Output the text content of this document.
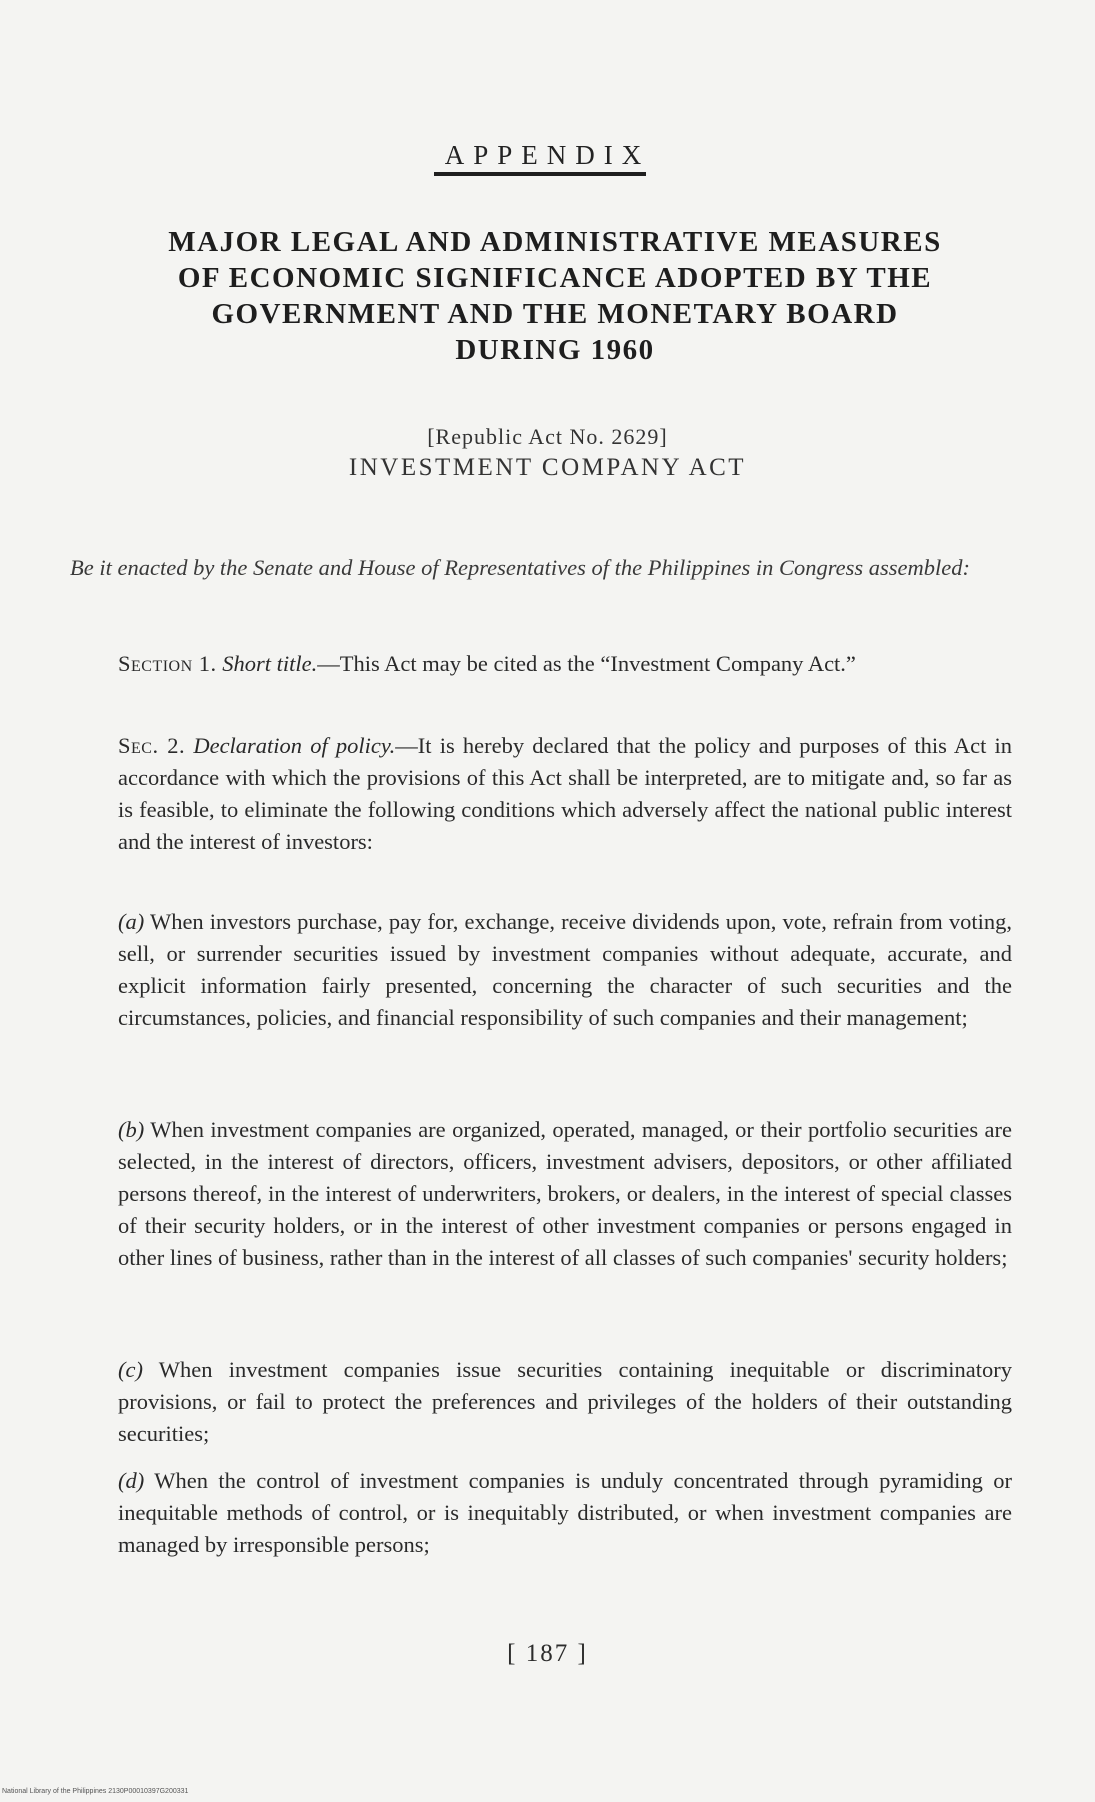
APPENDIX
MAJOR LEGAL AND ADMINISTRATIVE MEASURES
OF ECONOMIC SIGNIFICANCE ADOPTED BY THE
GOVERNMENT AND THE MONETARY BOARD
DURING 1960
[Republic Act No. 2629]
INVESTMENT COMPANY ACT
Be it enacted by the Senate and House of Representatives of the Philippines in Congress assembled:
Section 1. Short title.—This Act may be cited as the “Investment Company Act.”
Sec. 2. Declaration of policy.—It is hereby declared that the policy and purposes of this Act in accordance with which the provisions of this Act shall be interpreted, are to mitigate and, so far as is feasible, to eliminate the following conditions which adversely affect the national public interest and the interest of investors:
(a) When investors purchase, pay for, exchange, receive dividends upon, vote, refrain from voting, sell, or surrender securities issued by investment companies without adequate, accurate, and explicit information fairly presented, concerning the character of such securities and the circumstances, policies, and financial responsibility of such companies and their management;
(b) When investment companies are organized, operated, managed, or their portfolio securities are selected, in the interest of directors, officers, investment advisers, depositors, or other affiliated persons thereof, in the interest of underwriters, brokers, or dealers, in the interest of special classes of their security holders, or in the interest of other investment companies or persons engaged in other lines of business, rather than in the interest of all classes of such companies' security holders;
(c) When investment companies issue securities containing inequitable or discriminatory provisions, or fail to protect the preferences and privileges of the holders of their outstanding securities;
(d) When the control of investment companies is unduly concentrated through pyramiding or inequitable methods of control, or is inequitably distributed, or when investment companies are managed by irresponsible persons;
[ 187 ]
National Library of the Philippines 2130P00010397G200331
